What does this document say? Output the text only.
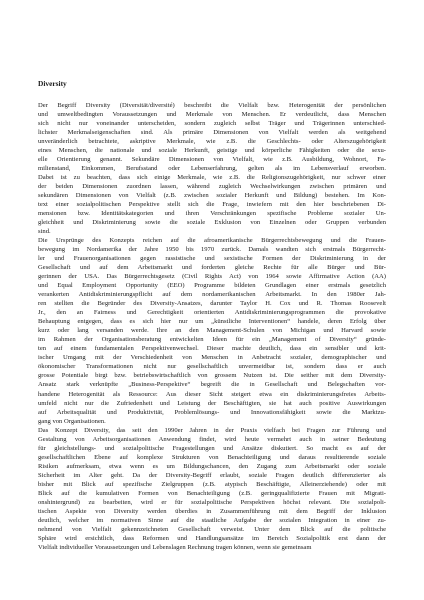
Diversity
Der Begriff Diversity (Diversität/diversité) beschreibt die Vielfalt bzw. Heterogenität der persönlichen
und umweltbedingten Voraussetzungen und Merkmale von Menschen. Er verdeutlicht, dass Menschen
sich nicht nur voneinander unterscheiden, sondern zugleich selbst Träger und Trägerinnen unterschied-
lichster Merkmalseigenschaften sind. Als primäre Dimensionen von Vielfalt werden als weitgehend
unveränderlich betrachtete, askriptive Merkmale, wie z.B. die Geschlechts- oder Alterszugehörigkeit
eines Menschen, die nationale und soziale Herkunft, geistige und körperliche Fähigkeiten oder die sexu-
elle Orientierung genannt. Sekundäre Dimensionen von Vielfalt, wie z.B. Ausbildung, Wohnort, Fa-
milienstand, Einkommen, Berufsstand oder Lebenserfahrung, gelten als im Lebensverlauf erworben.
Dabei ist zu beachten, dass sich einige Merkmale, wie z.B. die Religionszugehörigkeit, nur schwer einer
der beiden Dimensionen zuordnen lassen, während zugleich Wechselwirkungen zwischen primären und
sekundären Dimensionen von Vielfalt (z.B. zwischen sozialer Herkunft und Bildung) bestehen. Im Kon-
text einer sozialpolitischen Perspektive stellt sich die Frage, inwiefern mit den hier beschriebenen Di-
mensionen bzw. Identitätskategorien und ihren Verschränkungen spezifische Probleme sozialer Un-
gleichheit und Diskriminierung sowie die soziale Exklusion von Einzelnen oder Gruppen verbunden
sind.
Die Ursprünge des Konzepts reichen auf die afroamerikanische Bürgerrechtsbewegung und die Frauen-
bewegung im Nordamerika der Jahre 1950 bis 1970 zurück. Damals wandten sich erstmals Bürgerrecht-
ler und Frauenorganisationen gegen rassistische und sexistische Formen der Diskriminierung in der
Gesellschaft und auf dem Arbeitsmarkt und forderten gleiche Rechte für alle Bürger und Bür-
gerinnen der USA. Das Bürgerrechtsgesetz (Civil Rights Act) von 1964 sowie Affirmative Action (AA)
und Equal Employment Opportunity (EEO) Programme bildeten Grundlagen einer erstmals gesetzlich
verankerten Antidiskriminierungspflicht auf dem nordamerikanischen Arbeitsmarkt. In den 1980er Jah-
ren stellten die Begründer des Diversity-Ansatzes, darunter Taylor H. Cox und R. Thomas Roosevelt
Jr., den an Fairness und Gerechtigkeit orientierten Antidiskriminierungsprogrammen die provokative
Behauptung entgegen, dass es sich hier nur um „künstliche Interventionen“ handele, deren Erfolg über
kurz oder lang versanden werde. Ihre an den Management-Schulen von Michigan und Harvard sowie
im Rahmen der Organisationsberatung entwickelten Ideen für ein „Management of Diversity“ gründe-
ten auf einem fundamentalen Perspektivenwechsel. Dieser machte deutlich, dass ein sensibler und krit-
ischer Umgang mit der Verschiedenheit von Menschen in Anbetracht sozialer, demographischer und
ökonomischer Transformationen nicht nur gesellschaftlich unvermeidbar ist, sondern dass er auch
grosse Potentiale birgt bzw. betriebswirtschaftlich von grossem Nutzen ist. Die seither mit dem Diversity-
Ansatz stark verknüpfte „Business-Perspektive“ begreift die in Gesellschaft und Belegschaften vor-
handene Heterogenität als Ressource: Aus dieser Sicht steigert etwa ein diskriminierungsfreies Arbeits-
umfeld nicht nur die Zufriedenheit und Leistung der Beschäftigten, sie hat auch positive Auswirkungen
auf Arbeitsqualität und Produktivität, Problemlösungs- und Innovationsfähigkeit sowie die Marktzu-
gang von Organisationen.
Das Konzept Diversity, das seit den 1990er Jahren in der Praxis vielfach bei Fragen zur Führung und
Gestaltung von Arbeitsorganisationen Anwendung findet, wird heute vermehrt auch in seiner Bedeutung
für gleichstellungs- und sozialpolitische Fragestellungen und Ansätze diskutiert. So macht es auf der
gesellschaftlichen Ebene auf komplexe Strukturen von Benachteiligung und daraus resultierende soziale
Risiken aufmerksam, etwa wenn es um Bildungschancen, den Zugang zum Arbeitsmarkt oder soziale
Sicherheit im Alter geht. Da der Diversity-Begriff erlaubt, soziale Fragen deutlich differenzierter als
bisher mit Blick auf spezifische Zielgruppen (z.B. atypisch Beschäftigte, Alleinerziehende) oder mit
Blick auf die kumulativen Formen von Benachteiligung (z.B. geringqualifizierte Frauen mit Migrati-
onshintergrund) zu bearbeiten, wird er für sozialpolitische Perspektiven höchst relevant. Die sozialpoli-
tischen Aspekte von Diversity werden überdies in Zusammenführung mit dem Begriff der Inklusion
deutlich, welcher im normativen Sinne auf die staatliche Aufgabe der sozialen Integration in einer zu-
nehmend von Vielfalt gekennzeichneten Gesellschaft verweist. Unter dem Blick auf die politische
Sphäre wird ersichtlich, dass Reformen und Handlungsansätze im Bereich Sozialpolitik erst dann der
Vielfalt individueller Voraussetzungen und Lebenslagen Rechnung tragen können, wenn sie gemeinsam
